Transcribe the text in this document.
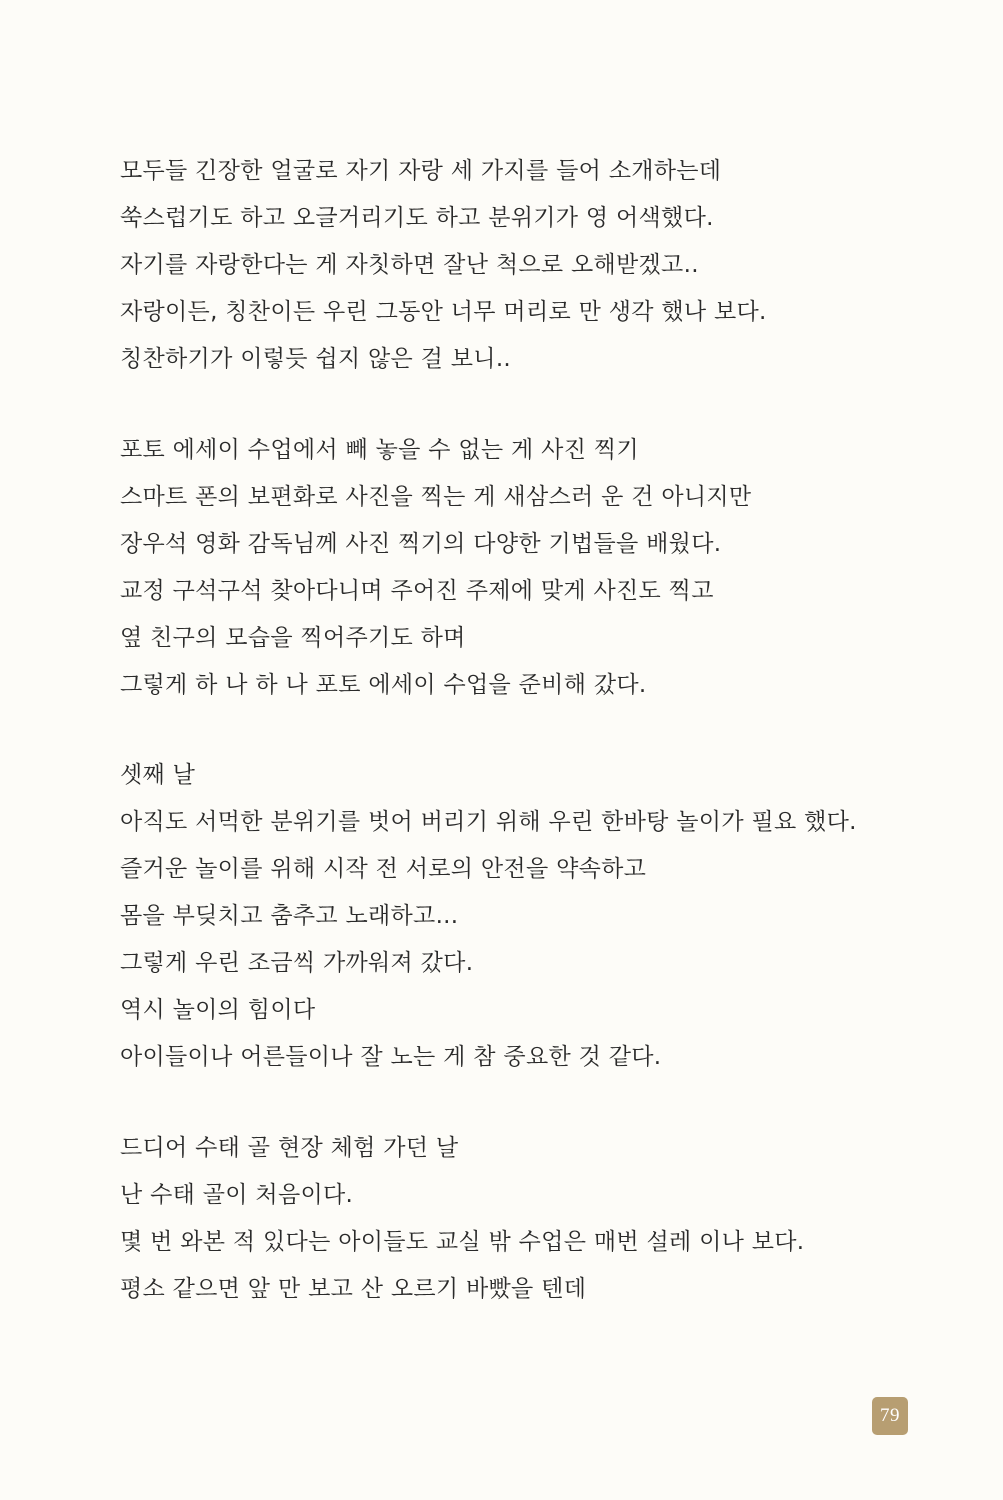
모두들 긴장한 얼굴로 자기 자랑 세 가지를 들어 소개하는데
쑥스럽기도 하고 오글거리기도 하고 분위기가 영 어색했다.
자기를 자랑한다는 게 자칫하면 잘난 척으로 오해받겠고..
자랑이든, 칭찬이든 우린 그동안 너무 머리로 만 생각 했나 보다.
칭찬하기가 이렇듯 쉽지 않은 걸 보니..
포토 에세이 수업에서 빼 놓을 수 없는 게 사진 찍기
스마트 폰의 보편화로 사진을 찍는 게 새삼스러 운 건 아니지만
장우석 영화 감독님께 사진 찍기의 다양한 기법들을 배웠다.
교정 구석구석 찾아다니며 주어진 주제에 맞게 사진도 찍고
옆 친구의 모습을 찍어주기도 하며
그렇게 하 나 하 나 포토 에세이 수업을 준비해 갔다.
셋째 날
아직도 서먹한 분위기를 벗어 버리기 위해 우린 한바탕 놀이가 필요 했다.
즐거운 놀이를 위해 시작 전 서로의 안전을 약속하고
몸을 부딪치고 춤추고 노래하고...
그렇게 우린 조금씩 가까워져 갔다.
역시 놀이의 힘이다
아이들이나 어른들이나 잘 노는 게 참 중요한 것 같다.
드디어 수태 골 현장 체험 가던 날
난 수태 골이 처음이다.
몇 번 와본 적 있다는 아이들도 교실 밖 수업은 매번 설레 이나 보다.
평소 같으면 앞 만 보고 산 오르기 바빴을 텐데
79
